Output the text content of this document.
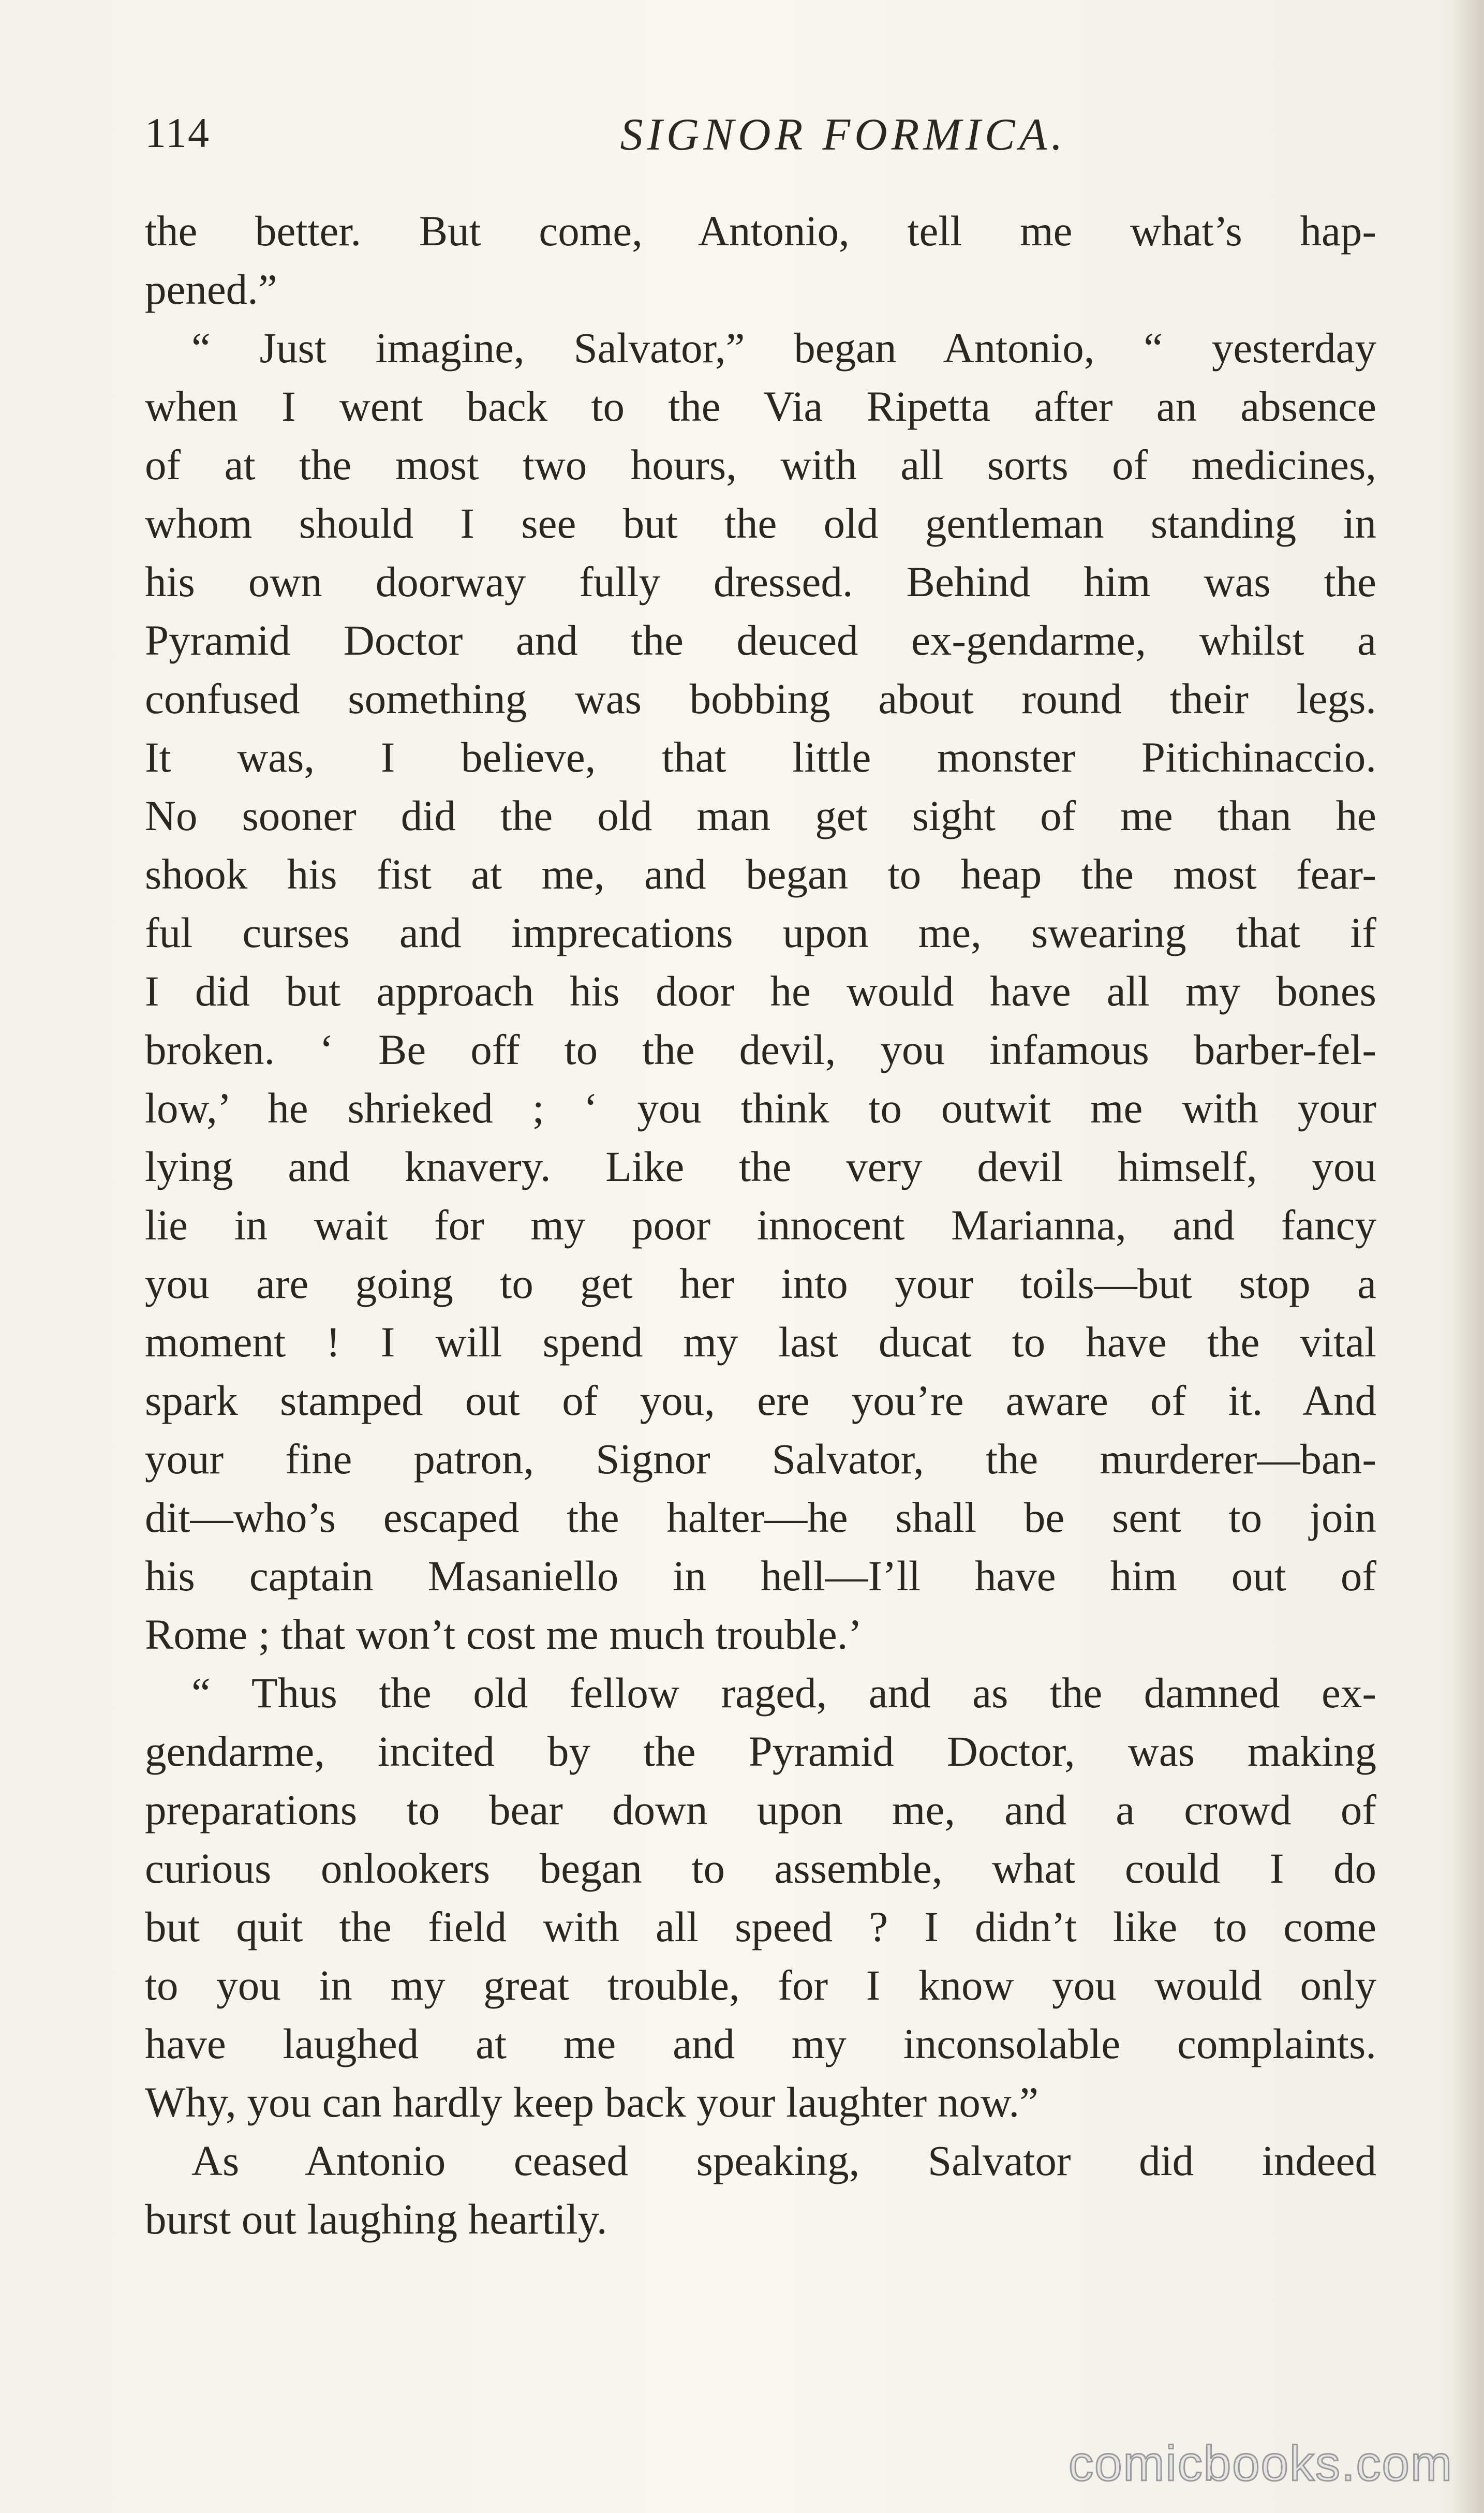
114	SIGNOR FORMICA.
the better. But come, Antonio, tell me what’s hap-
pened.”
“ Just imagine, Salvator,” began Antonio, “ yesterday
when I went back to the Via Ripetta after an absence
of at the most two hours, with all sorts of medicines,
whom should I see but the old gentleman standing in
his own doorway fully dressed. Behind him was the
Pyramid Doctor and the deuced ex-gendarme, whilst a
confused something was bobbing about round their legs.
It was, I believe, that little monster Pitichinaccio.
No sooner did the old man get sight of me than he
shook his fist at me, and began to heap the most fear-
ful curses and imprecations upon me, swearing that if
I did but approach his door he would have all my bones
broken. ‘ Be off to the devil, you infamous barber-fel-
low,’ he shrieked ; ‘ you think to outwit me with your
lying and knavery. Like the very devil himself, you
lie in wait for my poor innocent Marianna, and fancy
you are going to get her into your toils—but stop a
moment ! I will spend my last ducat to have the vital
spark stamped out of you, ere you’re aware of it. And
your fine patron, Signor Salvator, the murderer—ban-
dit—who’s escaped the halter—he shall be sent to join
his captain Masaniello in hell—I’ll have him out of
Rome ; that won’t cost me much trouble.’
“ Thus the old fellow raged, and as the damned ex-
gendarme, incited by the Pyramid Doctor, was making
preparations to bear down upon me, and a crowd of
curious onlookers began to assemble, what could I do
but quit the field with all speed ? I didn’t like to come
to you in my great trouble, for I know you would only
have laughed at me and my inconsolable complaints.
Why, you can hardly keep back your laughter now.”
As Antonio ceased speaking, Salvator did indeed
burst out laughing heartily.
comicbooks.com
